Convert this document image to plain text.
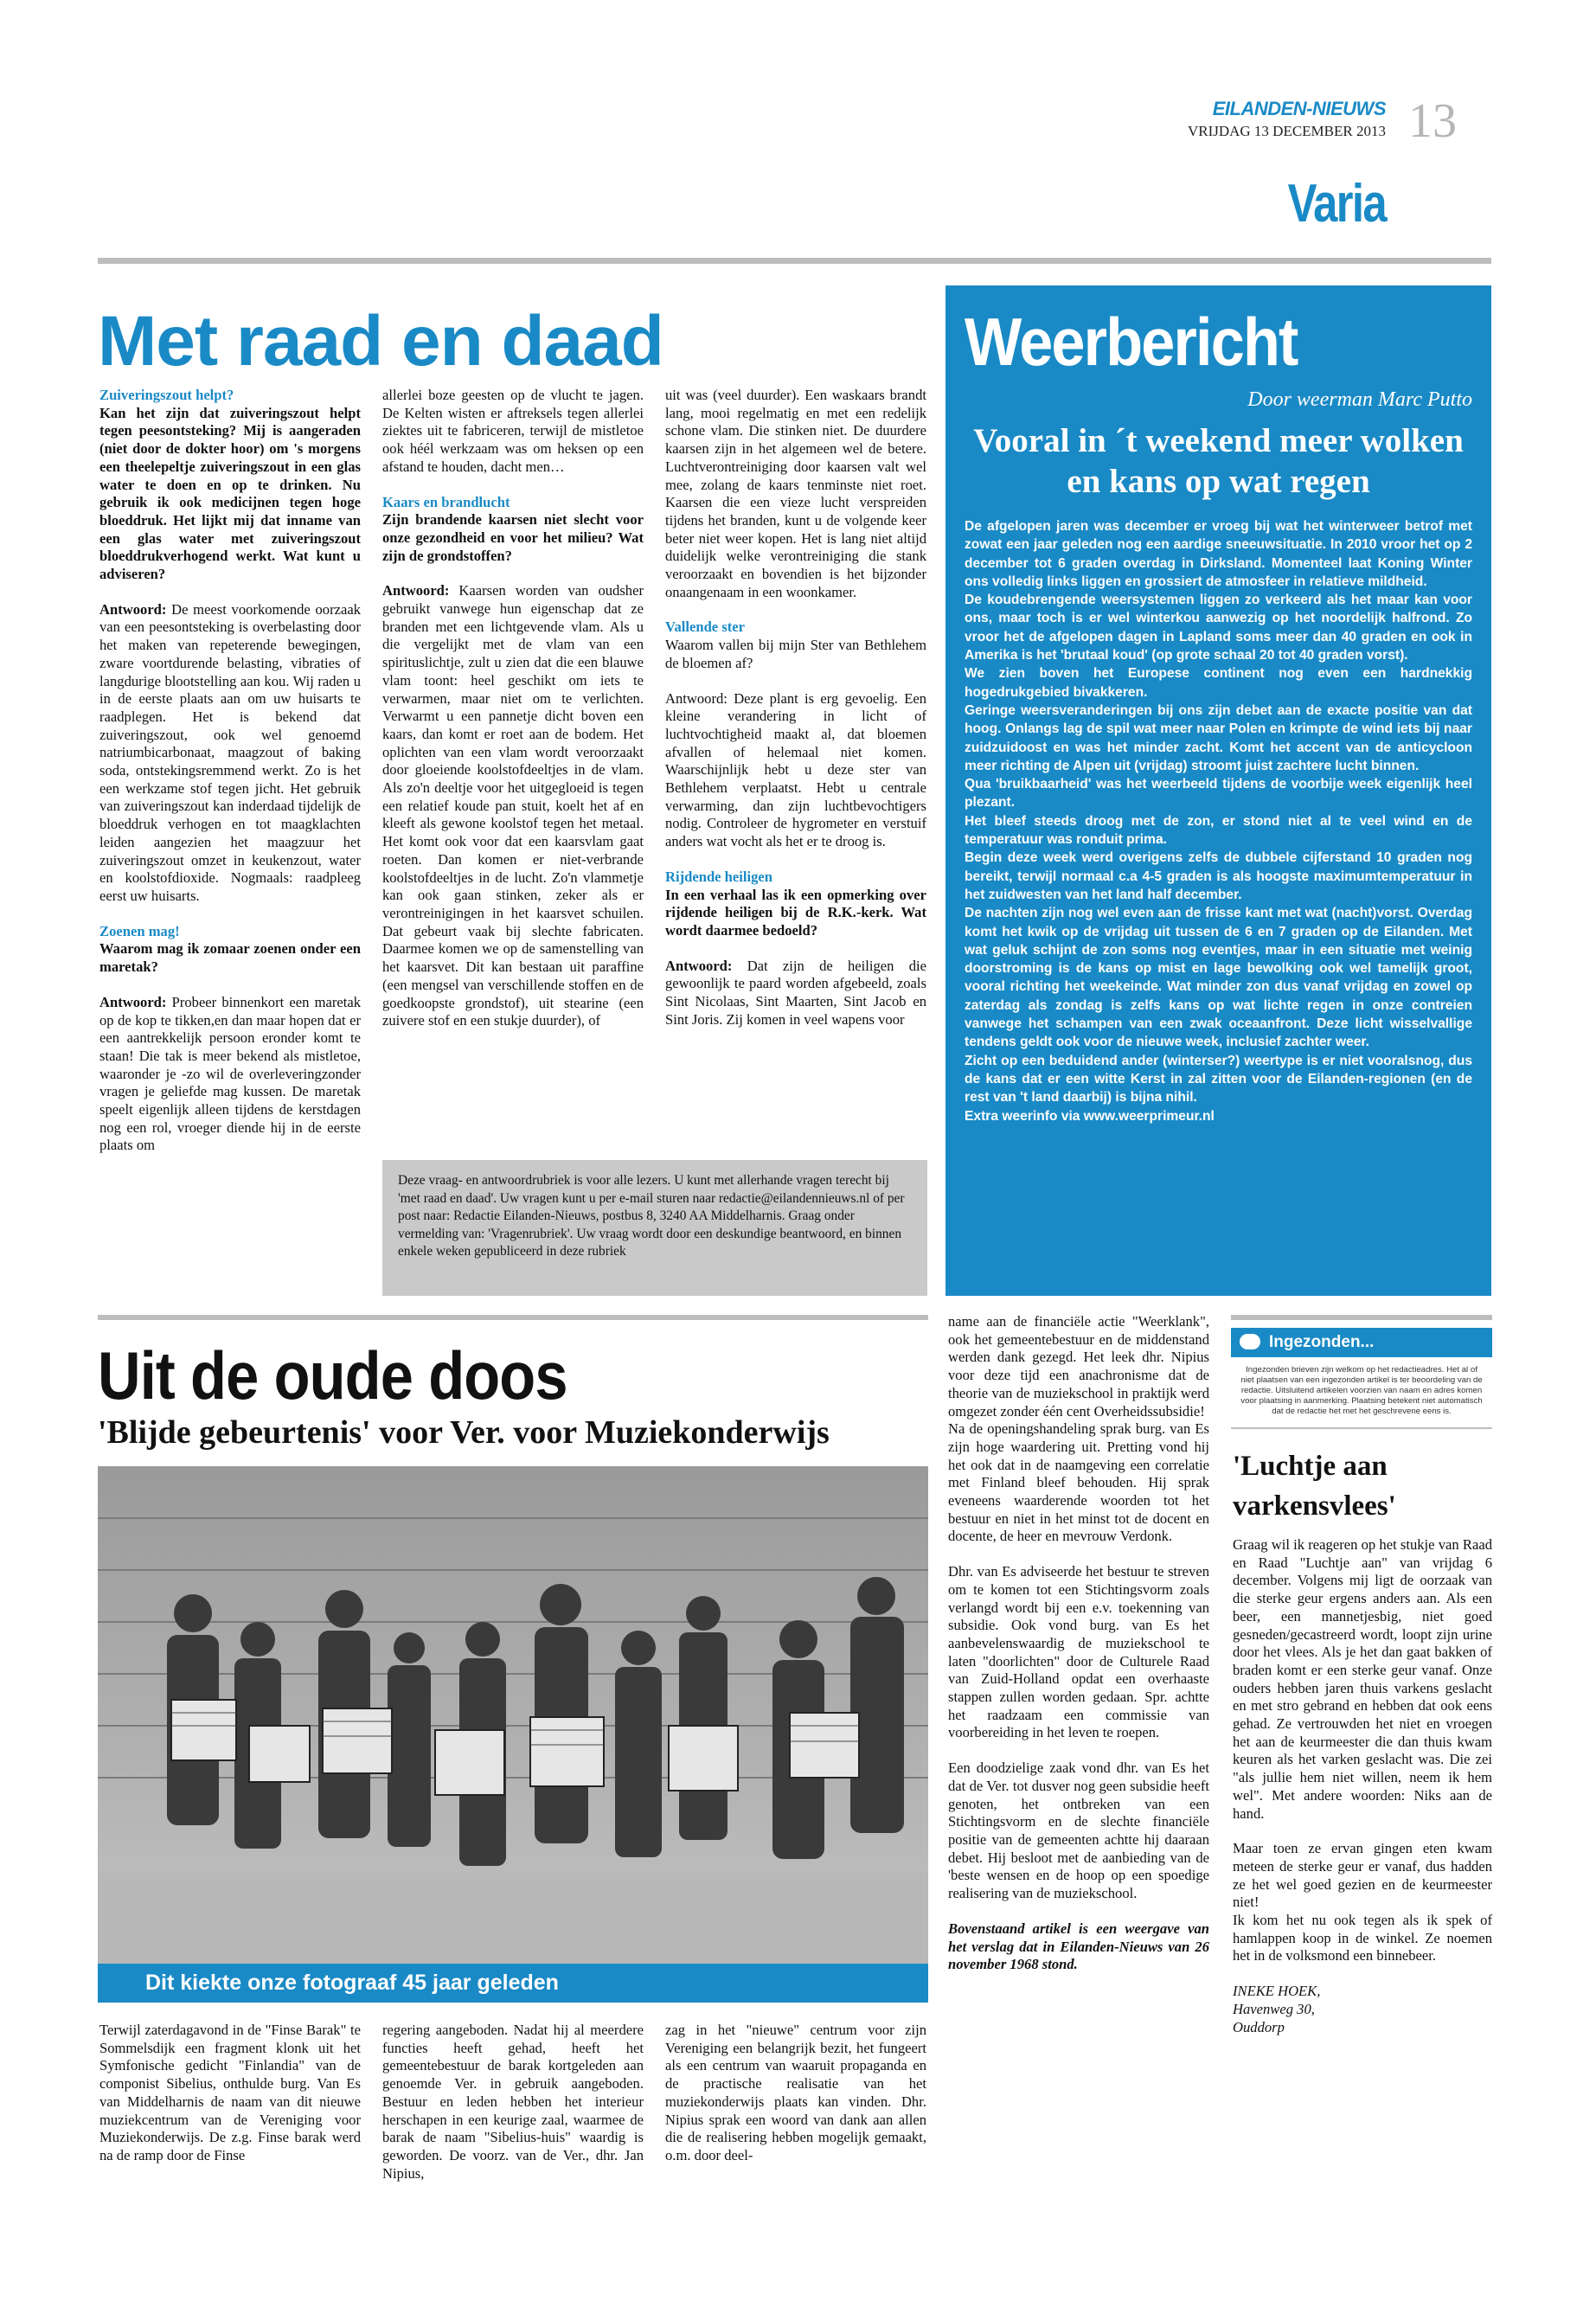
EILANDEN-NIEUWS
VRIJDAG 13 DECEMBER 2013 13
Varia
Met raad en daad

Zuiveringszout helpt?

Kan het zijn dat zuiveringszout helpt tegen peesontsteking? Mij is aangeraden (niet door de dokter hoor) om 's morgens een theelepeltje zuiveringszout in een glas water te doen en op te drinken. Nu gebruik ik ook medicijnen tegen hoge bloeddruk. Het lijkt mij dat inname van een glas water met zuiveringszout bloeddrukverhogend werkt. Wat kunt u adviseren?

Antwoord: De meest voorkomende oorzaak van een peesontsteking is overbelasting door het maken van repeterende bewegingen, zware voortdurende belasting, vibraties of langdurige blootstelling aan kou. Wij raden u in de eerste plaats aan om uw huisarts te raadplegen. Het is bekend dat zuiveringszout, ook wel genoemd natriumbicarbonaat, maagzout of baking soda, ontstekingsremmend werkt. Zo is het een werkzame stof tegen jicht. Het gebruik van zuiveringszout kan inderdaad tijdelijk de bloeddruk verhogen en tot maagklachten leiden aangezien het maagzuur het zuiveringszout omzet in keukenzout, water en koolstofdioxide. Nogmaals: raadpleeg eerst uw huisarts.

Zoenen mag!

Waarom mag ik zomaar zoenen onder een maretak?

Antwoord: Probeer binnenkort een maretak op de kop te tikken,en dan maar hopen dat er een aantrekkelijk persoon eronder komt te staan! Die tak is meer bekend als mistletoe, waaronder je -zo wil de overleveringzonder vragen je geliefde mag kussen. De maretak speelt eigenlijk alleen tijdens de kerstdagen nog een rol, vroeger diende hij in de eerste plaats om

allerlei boze geesten op de vlucht te jagen. De Kelten wisten er aftreksels tegen allerlei ziektes uit te fabriceren, terwijl de mistletoe ook héél werkzaam was om heksen op een afstand te houden, dacht men…

Kaars en brandlucht

Zijn brandende kaarsen niet slecht voor onze gezondheid en voor het milieu? Wat zijn de grondstoffen?

Antwoord: Kaarsen worden van oudsher gebruikt vanwege hun eigenschap dat ze branden met een lichtgevende vlam. Als u die vergelijkt met de vlam van een spirituslichtje, zult u zien dat die een blauwe vlam toont: heel geschikt om iets te verwarmen, maar niet om te verlichten. Verwarmt u een pannetje dicht boven een kaars, dan komt er roet aan de bodem. Het oplichten van een vlam wordt veroorzaakt door gloeiende koolstofdeeltjes in de vlam. Als zo'n deeltje voor het uitgegloeid is tegen een relatief koude pan stuit, koelt het af en kleeft als gewone koolstof tegen het metaal. Het komt ook voor dat een kaarsvlam gaat roeten. Dan komen er niet-verbrande koolstofdeeltjes in de lucht. Zo'n vlammetje kan ook gaan stinken, zeker als er verontreinigingen in het kaarsvet schuilen. Dat gebeurt vaak bij slechte fabricaten. Daarmee komen we op de samenstelling van het kaarsvet. Dit kan bestaan uit paraffine (een mengsel van verschillende stoffen en de goedkoopste grondstof), uit stearine (een zuivere stof en een stukje duurder), of

uit was (veel duurder). Een waskaars brandt lang, mooi regelmatig en met een redelijk schone vlam. Die stinken niet. De duurdere kaarsen zijn in het algemeen wel de betere. Luchtverontreiniging door kaarsen valt wel mee, zolang de kaars tenminste niet roet. Kaarsen die een vieze lucht verspreiden tijdens het branden, kunt u de volgende keer beter niet weer kopen. Het is lang niet altijd duidelijk welke verontreiniging die stank veroorzaakt en bovendien is het bijzonder onaangenaam in een woonkamer.

Vallende ster

Waarom vallen bij mijn Ster van Bethlehem de bloemen af?

Antwoord: Deze plant is erg gevoelig. Een kleine verandering in licht of luchtvochtigheid maakt al, dat bloemen afvallen of helemaal niet komen. Waarschijnlijk hebt u deze ster van Bethlehem verplaatst. Hebt u centrale verwarming, dan zijn luchtbevochtigers nodig. Controleer de hygrometer en verstuif anders wat vocht als het er te droog is.

Rijdende heiligen

In een verhaal las ik een opmerking over rijdende heiligen bij de R.K.-kerk. Wat wordt daarmee bedoeld?

Antwoord: Dat zijn de heiligen die gewoonlijk te paard worden afgebeeld, zoals Sint Nicolaas, Sint Maarten, Sint Jacob en Sint Joris. Zij komen in veel wapens voor

Deze vraag- en antwoordrubriek is voor alle lezers. U kunt met allerhande vragen terecht bij 'met raad en daad'. Uw vragen kunt u per e-mail sturen naar redactie@eilandennieuws.nl of per post naar: Redactie Eilanden-Nieuws, postbus 8, 3240 AA Middelharnis. Graag onder vermelding van: 'Vragenrubriek'. Uw vraag wordt door een deskundige beantwoord, en binnen enkele weken gepubliceerd in deze rubriek
Weerbericht
Door weerman Marc Putto
Vooral in ´t weekend meer wolken en kans op wat regen

De afgelopen jaren was december er vroeg bij wat het winterweer betrof met zowat een jaar geleden nog een aardige sneeuwsituatie. In 2010 vroor het op 2 december tot 6 graden overdag in Dirksland. Momenteel laat Koning Winter ons volledig links liggen en grossiert de atmosfeer in relatieve mildheid.

De koudebrengende weersystemen liggen zo verkeerd als het maar kan voor ons, maar toch is er wel winterkou aanwezig op het noordelijk halfrond. Zo vroor het de afgelopen dagen in Lapland soms meer dan 40 graden en ook in Amerika is het 'brutaal koud' (op grote schaal 20 tot 40 graden vorst).

We zien boven het Europese continent nog even een hardnekkig hogedrukgebied bivakkeren.

Geringe weersveranderingen bij ons zijn debet aan de exacte positie van dat hoog. Onlangs lag de spil wat meer naar Polen en krimpte de wind iets bij naar zuidzuidoost en was het minder zacht. Komt het accent van de anticycloon meer richting de Alpen uit (vrijdag) stroomt juist zachtere lucht binnen.

Qua 'bruikbaarheid' was het weerbeeld tijdens de voorbije week eigenlijk heel plezant.

Het bleef steeds droog met de zon, er stond niet al te veel wind en de temperatuur was ronduit prima.

Begin deze week werd overigens zelfs de dubbele cijferstand 10 graden nog bereikt, terwijl normaal c.a 4-5 graden is als hoogste maximumtemperatuur in het zuidwesten van het land half december.

De nachten zijn nog wel even aan de frisse kant met wat (nacht)vorst. Overdag komt het kwik op de vrijdag uit tussen de 6 en 7 graden op de Eilanden. Met wat geluk schijnt de zon soms nog eventjes, maar in een situatie met weinig doorstroming is de kans op mist en lage bewolking ook wel tamelijk groot, vooral richting het weekeinde. Wat minder zon dus vanaf vrijdag en zowel op zaterdag als zondag is zelfs kans op wat lichte regen in onze contreien vanwege het schampen van een zwak oceaanfront. Deze licht wisselvallige tendens geldt ook voor de nieuwe week, inclusief zachter weer.

Zicht op een beduidend ander (winterser?) weertype is er niet vooralsnog, dus de kans dat er een witte Kerst in zal zitten voor de Eilanden-regionen (en de rest van 't land daarbij) is bijna nihil.

Extra weerinfo via www.weerprimeur.nl

Uit de oude doos
'Blijde gebeurtenis' voor Ver. voor Muziekonderwijs
Dit kiekte onze fotograaf 45 jaar geleden

Terwijl zaterdagavond in de "Finse Barak" te Sommelsdijk een fragment klonk uit het Symfonische gedicht "Finlandia" van de componist Sibelius, onthulde burg. Van Es van Middelharnis de naam van dit nieuwe muziekcentrum van de Vereniging voor Muziekonderwijs. De z.g. Finse barak werd na de ramp door de Finse

regering aangeboden. Nadat hij al meerdere functies heeft gehad, heeft het gemeentebestuur de barak kortgeleden aan genoemde Ver. in gebruik aangeboden. Bestuur en leden hebben het interieur herschapen in een keurige zaal, waarmee de barak de naam "Sibelius-huis" waardig is geworden. De voorz. van de Ver., dhr. Jan Nipius,

zag in het "nieuwe" centrum voor zijn Vereniging een belangrijk bezit, het fungeert als een centrum van waaruit propaganda en de practische realisatie van het muziekonderwijs plaats kan vinden. Dhr. Nipius sprak een woord van dank aan allen die de realisering hebben mogelijk gemaakt, o.m. door deel-

name aan de financiële actie "Weerklank", ook het gemeentebestuur en de middenstand werden dank gezegd. Het leek dhr. Nipius voor deze tijd een anachronisme dat de theorie van de muziekschool in praktijk werd omgezet zonder één cent Overheidssubsidie!

Na de openingshandeling sprak burg. van Es zijn hoge waardering uit. Pretting vond hij het ook dat in de naamgeving een correlatie met Finland bleef behouden. Hij sprak eveneens waarderende woorden tot het bestuur en niet in het minst tot de docent en docente, de heer en mevrouw Verdonk.

Dhr. van Es adviseerde het bestuur te streven om te komen tot een Stichtingsvorm zoals verlangd wordt bij een e.v. toekenning van subsidie. Ook vond burg. van Es het aanbevelenswaardig de muziekschool te laten "doorlichten" door de Culturele Raad van Zuid-Holland opdat een overhaaste stappen zullen worden gedaan. Spr. achtte het raadzaam een commissie van voorbereiding in het leven te roepen.

Een doodzielige zaak vond dhr. van Es het dat de Ver. tot dusver nog geen subsidie heeft genoten, het ontbreken van een Stichtingsvorm en de slechte financiële positie van de gemeenten achtte hij daaraan debet. Hij besloot met de aanbieding van de 'beste wensen en de hoop op een spoedige realisering van de muziekschool.

Bovenstaand artikel is een weergave van het verslag dat in Eilanden-Nieuws van 26 november 1968 stond.

Ingezonden...
Ingezonden brieven zijn welkom op het redactieadres. Het al of niet plaatsen van een ingezonden artikel is ter beoordeling van de redactie. Uitsluitend artikelen voorzien van naam en adres komen voor plaatsing in aanmerking. Plaatsing betekent niet automatisch dat de redactie het met het geschrevene eens is.
'Luchtje aan varkensvlees'

Graag wil ik reageren op het stukje van Raad en Raad "Luchtje aan" van vrijdag 6 december. Volgens mij ligt de oorzaak van die sterke geur ergens anders aan. Als een beer, een mannetjesbig, niet goed gesneden/gecastreerd wordt, loopt zijn urine door het vlees. Als je het dan gaat bakken of braden komt er een sterke geur vanaf. Onze ouders hebben jaren thuis varkens geslacht en met stro gebrand en hebben dat ook eens gehad. Ze vertrouwden het niet en vroegen het aan de keurmeester die dan thuis kwam keuren als het varken geslacht was. Die zei "als jullie hem niet willen, neem ik hem wel". Met andere woorden: Niks aan de hand.

Maar toen ze ervan gingen eten kwam meteen de sterke geur er vanaf, dus hadden ze het wel goed gezien en de keurmeester niet!

Ik kom het nu ook tegen als ik spek of hamlappen koop in de winkel. Ze noemen het in de volksmond een binnebeer.

INEKE HOEK,

Havenweg 30,

Ouddorp
